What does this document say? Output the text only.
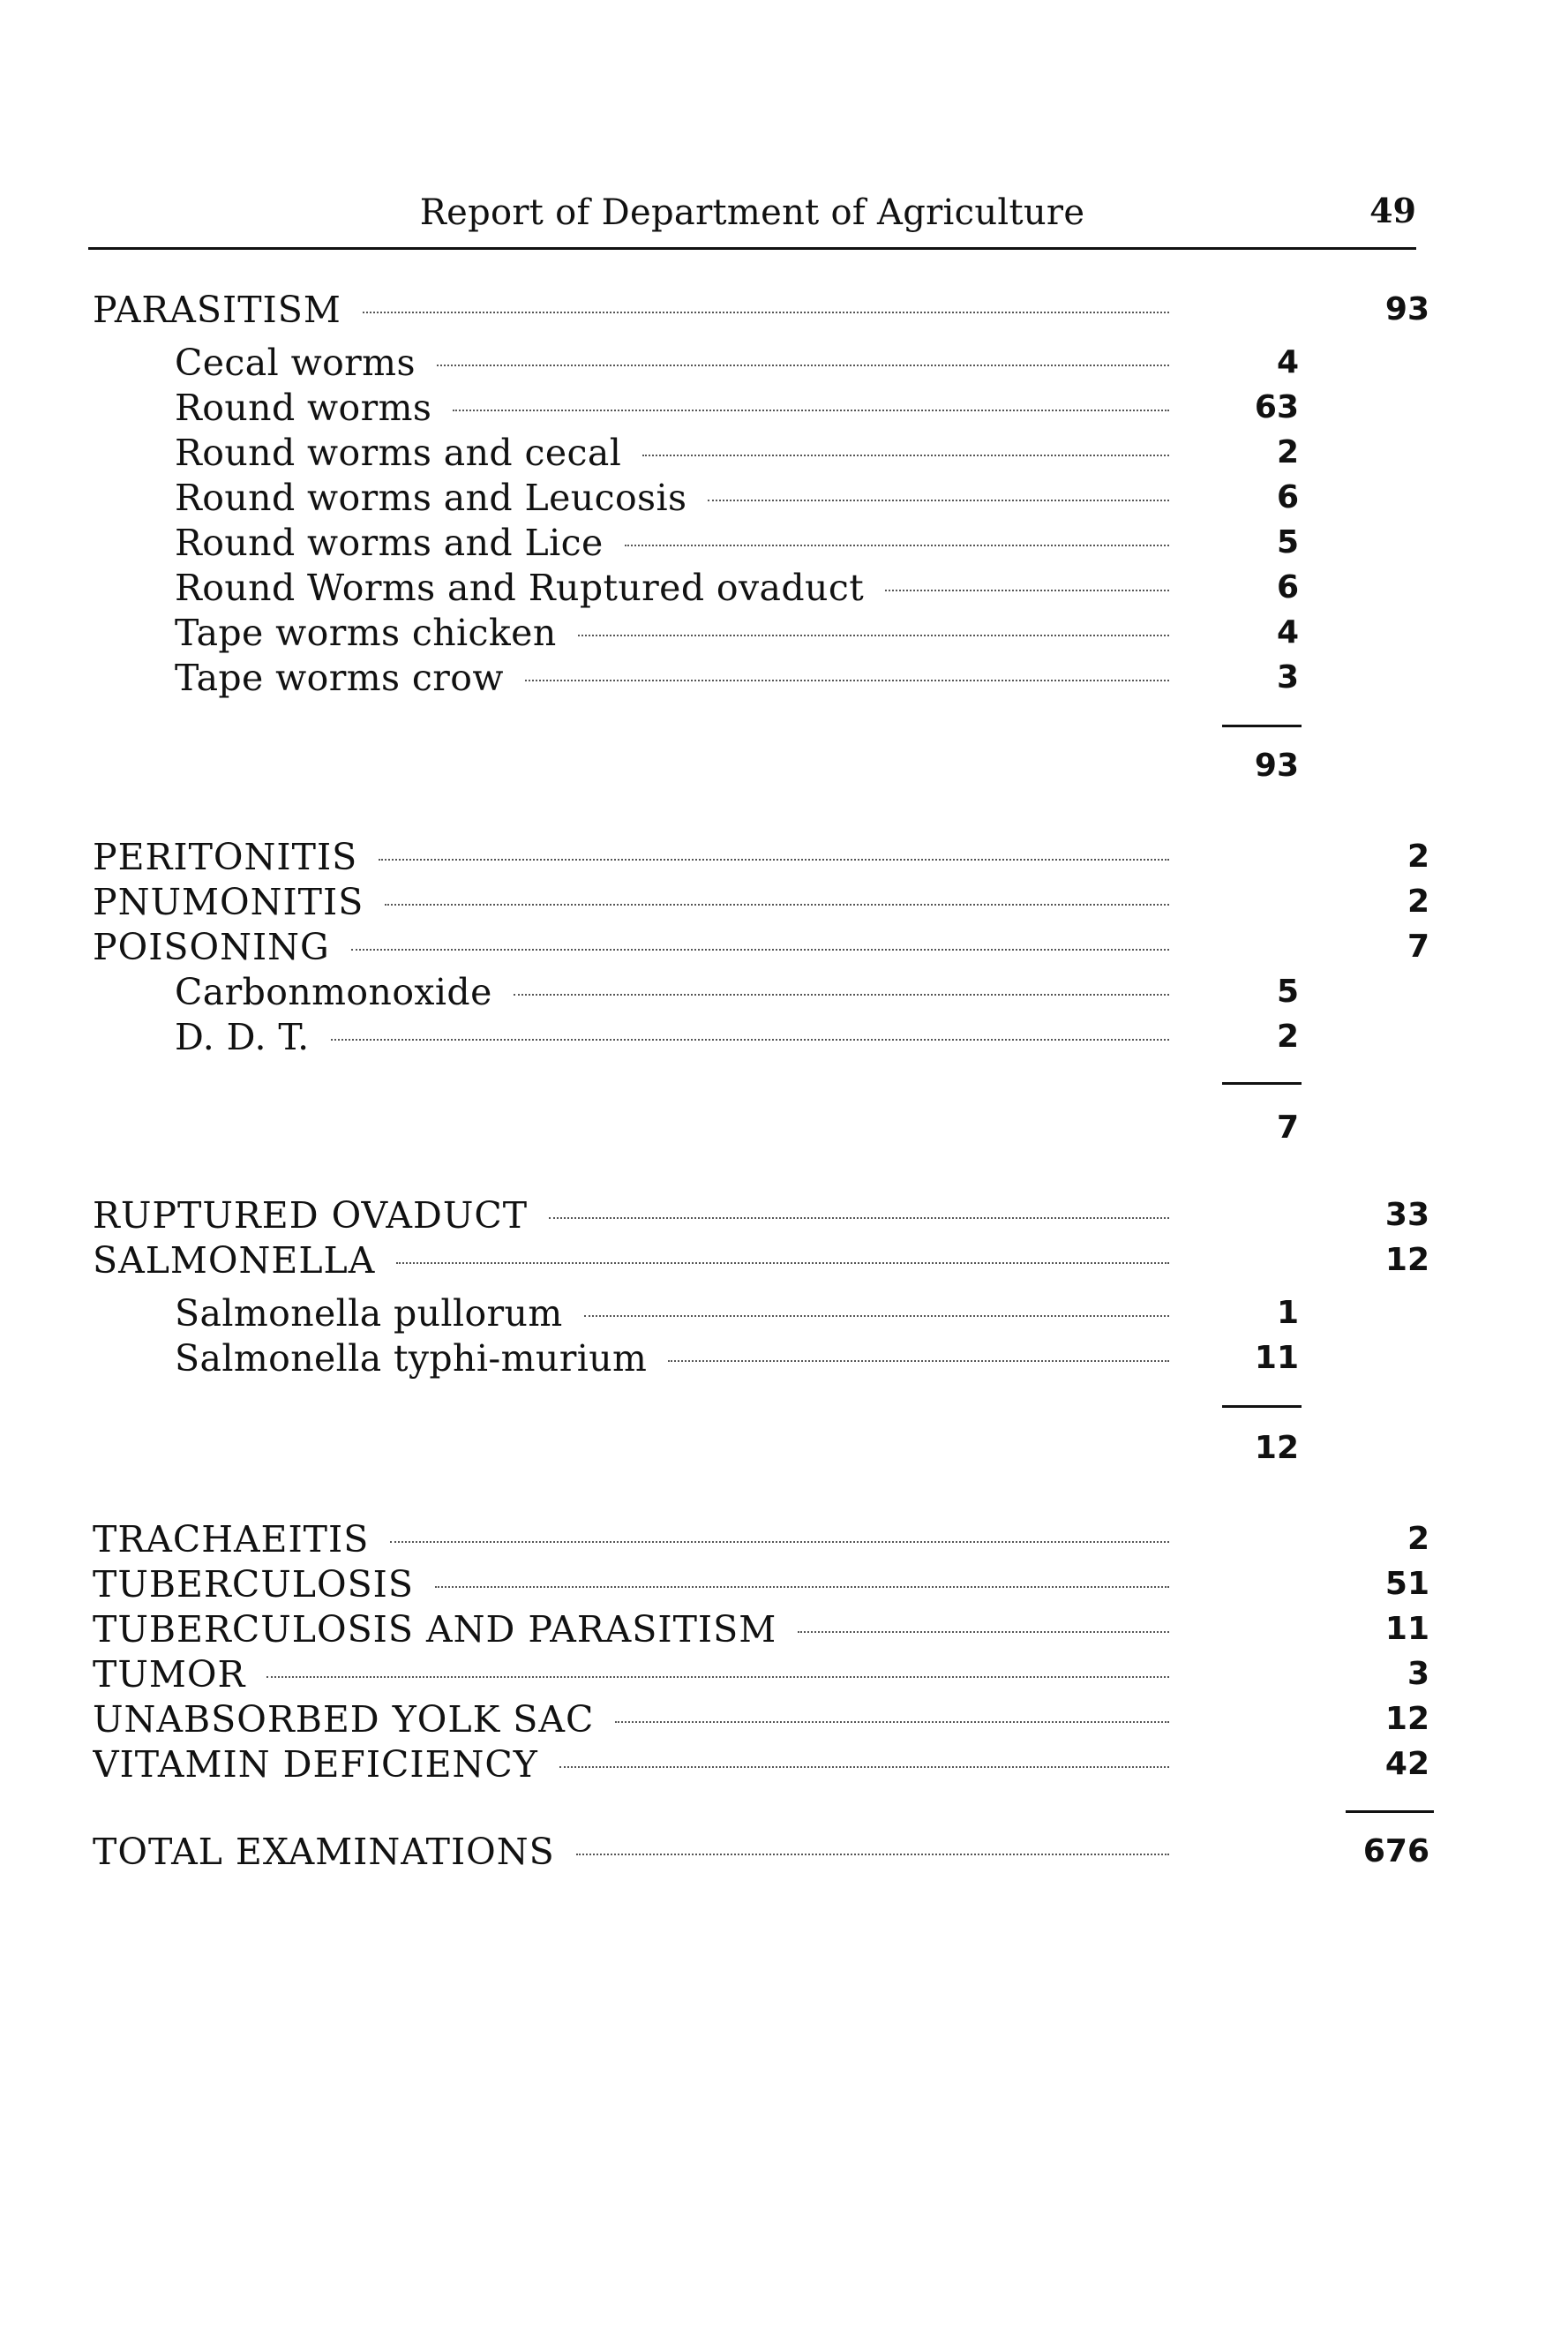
Report of Department of Agriculture	49
PARASITISM	93
Cecal worms	4
Round worms	63
Round worms and cecal	2
Round worms and Leucosis	6
Round worms and Lice	5
Round Worms and Ruptured ovaduct	6
Tape worms chicken	4
Tape worms crow	3
93
PERITONITIS	2
PNUMONITIS	2
POISONING	7
Carbonmonoxide	5
D. D. T.	2
7
RUPTURED OVADUCT	33
SALMONELLA	12
Salmonella pullorum	1
Salmonella typhi-murium	11
12
TRACHAEITIS	2
TUBERCULOSIS	51
TUBERCULOSIS AND PARASITISM	11
TUMOR	3
UNABSORBED YOLK SAC	12
VITAMIN DEFICIENCY	42
TOTAL EXAMINATIONS	676
